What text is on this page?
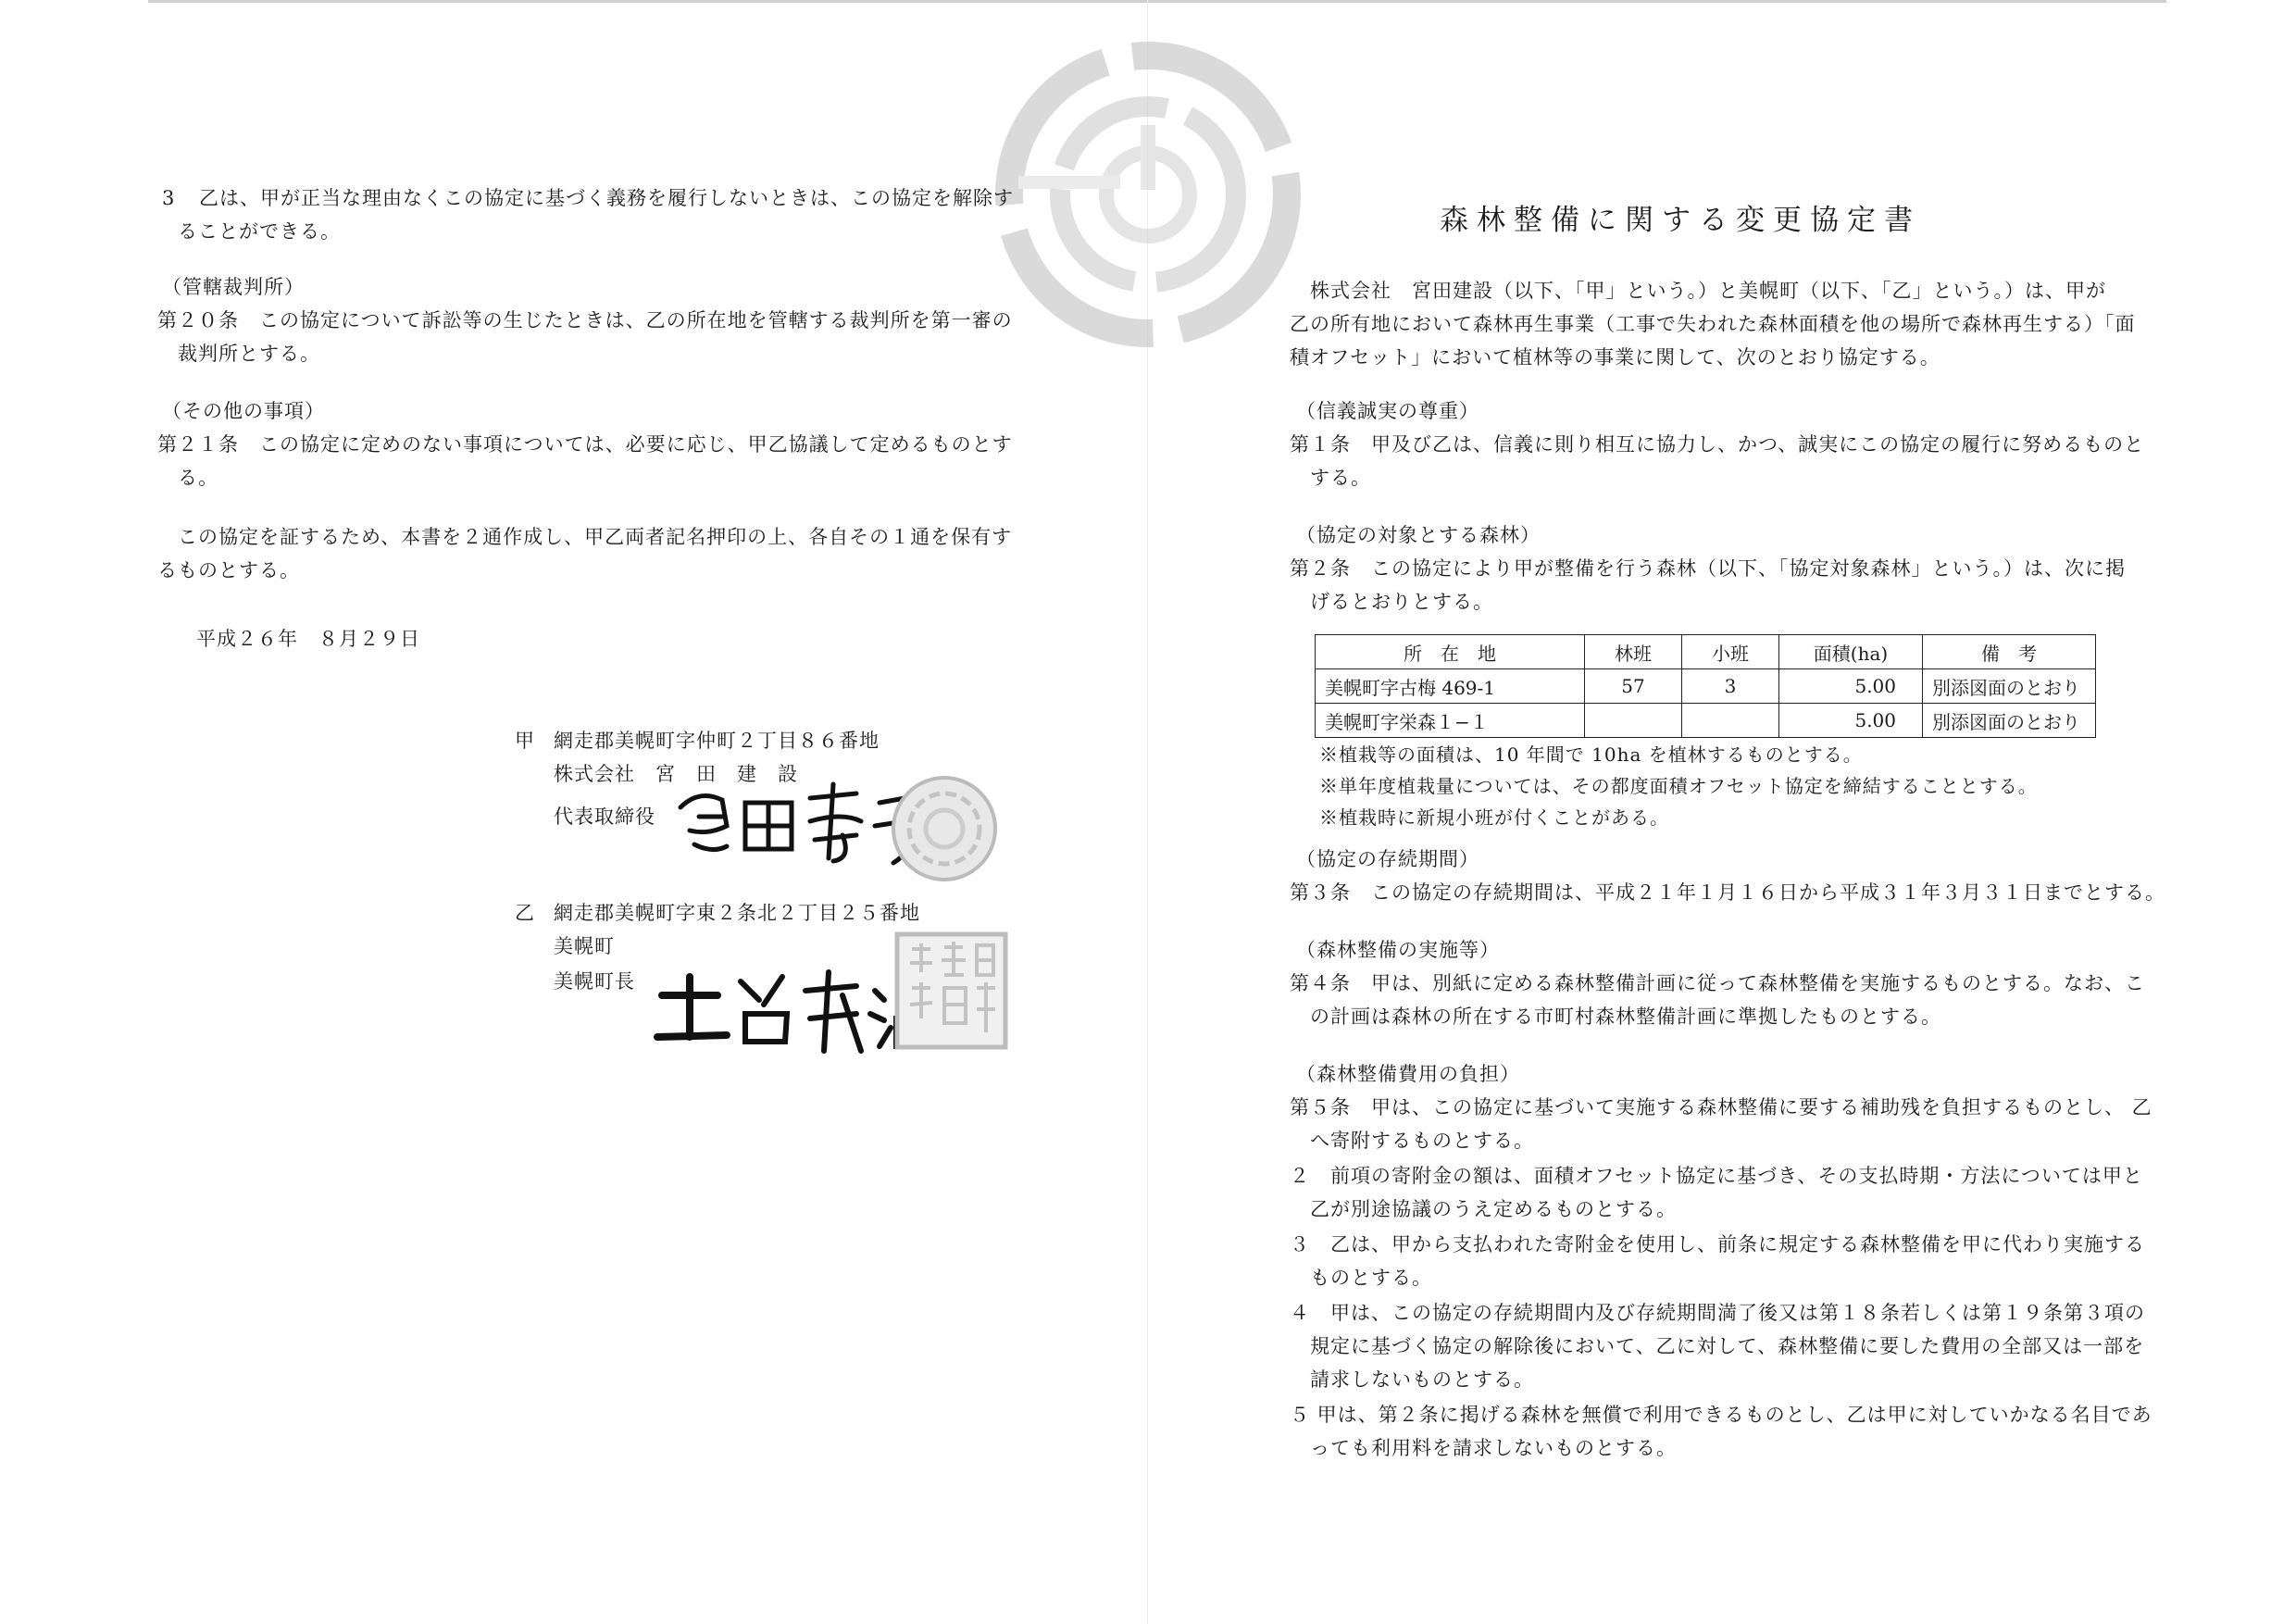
3 乙は、甲が正当な理由なくこの協定に基づく義務を履行しないときは、この協定を解除す
ることができる。
（管轄裁判所）
第２０条　この協定について訴訟等の生じたときは、乙の所在地を管轄する裁判所を第一審の
裁判所とする。
（その他の事項）
第２１条　この協定に定めのない事項については、必要に応じ、甲乙協議して定めるものとす
る。
この協定を証するため、本書を２通作成し、甲乙両者記名押印の上、各自その１通を保有す
るものとする。
平成２６年　８月２９日
甲 網走郡美幌町字仲町２丁目８６番地
株式会社　宮　田　建　設
代表取締役
乙 網走郡美幌町字東２条北２丁目２５番地
美幌町
美幌町長
森林整備に関する変更協定書
株式会社　宮田建設（以下、「甲」という。）と美幌町（以下、「乙」という。）は、甲が
乙の所有地において森林再生事業（工事で失われた森林面積を他の場所で森林再生する）「面
積オフセット」において植林等の事業に関して、次のとおり協定する。
（信義誠実の尊重）
第１条　甲及び乙は、信義に則り相互に協力し、かつ、誠実にこの協定の履行に努めるものと
する。
（協定の対象とする森林）
第２条　この協定により甲が整備を行う森林（以下、「協定対象森林」という。）は、次に掲
げるとおりとする。
所　在　地	林班	小班	面積(ha)	備　考
美幌町字古梅 469-1	57	3	5.00	別添図面のとおり
美幌町字栄森１−１			5.00	別添図面のとおり
※植栽等の面積は、10 年間で 10ha を植林するものとする。
※単年度植栽量については、その都度面積オフセット協定を締結することとする。
※植栽時に新規小班が付くことがある。
（協定の存続期間）
第３条　この協定の存続期間は、平成２１年１月１６日から平成３１年３月３１日までとする。
（森林整備の実施等）
第４条　甲は、別紙に定める森林整備計画に従って森林整備を実施するものとする。なお、こ
の計画は森林の所在する市町村森林整備計画に準拠したものとする。
（森林整備費用の負担）
第５条　甲は、この協定に基づいて実施する森林整備に要する補助残を負担するものとし、 乙
へ寄附するものとする。
２　前項の寄附金の額は、面積オフセット協定に基づき、その支払時期・方法については甲と
乙が別途協議のうえ定めるものとする。
３　乙は、甲から支払われた寄附金を使用し、前条に規定する森林整備を甲に代わり実施する
ものとする。
４　甲は、この協定の存続期間内及び存続期間満了後又は第１８条若しくは第１９条第３項の
規定に基づく協定の解除後において、乙に対して、森林整備に要した費用の全部又は一部を
請求しないものとする。
５ 甲は、第２条に掲げる森林を無償で利用できるものとし、乙は甲に対していかなる名目であ
っても利用料を請求しないものとする。
